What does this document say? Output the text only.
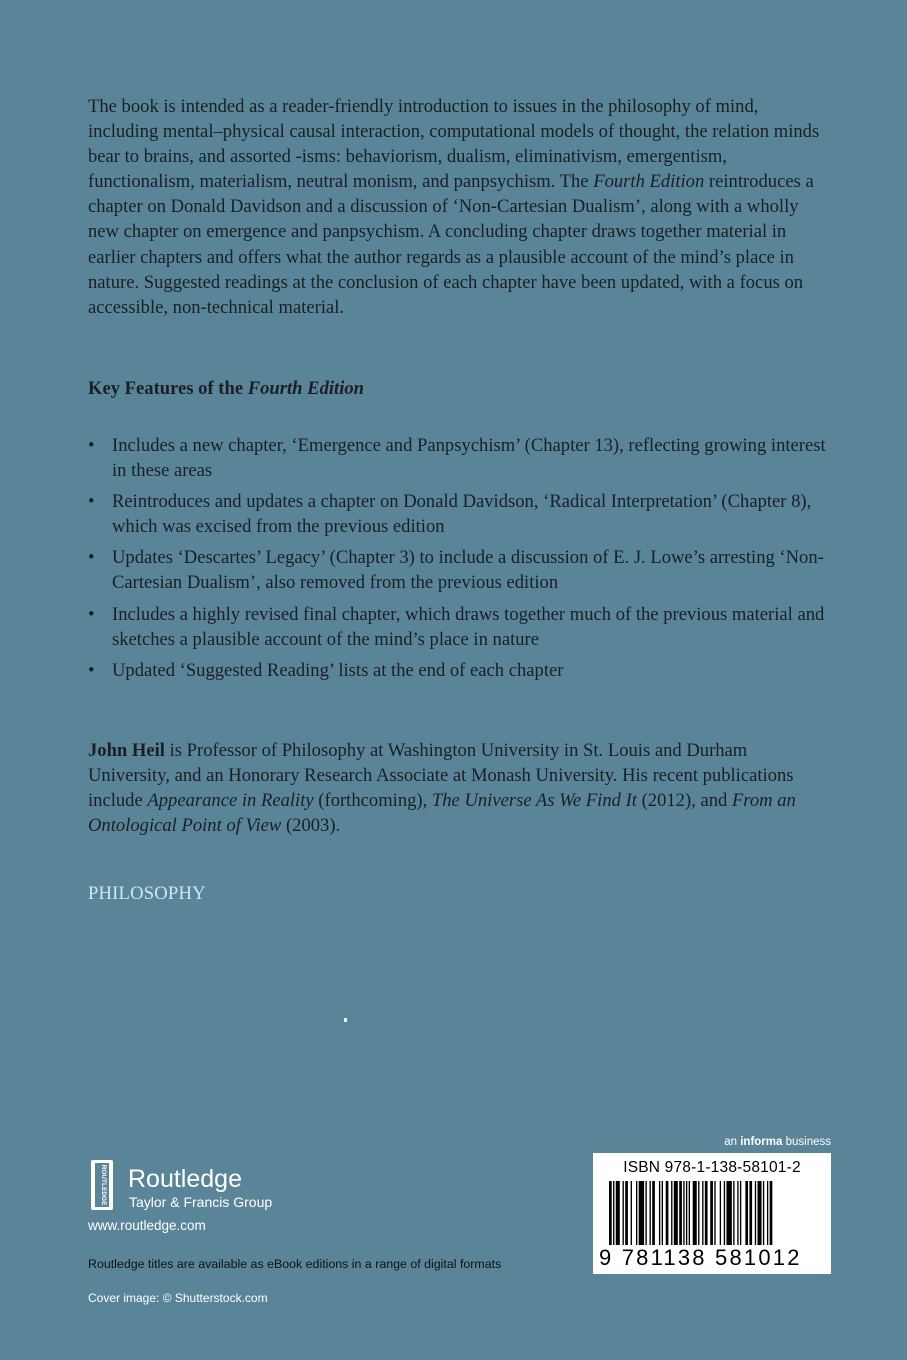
The book is intended as a reader-friendly introduction to issues in the philosophy of mind, including mental–physical causal interaction, computational models of thought, the relation minds bear to brains, and assorted -isms: behaviorism, dualism, eliminativism, emergentism, functionalism, materialism, neutral monism, and panpsychism. The Fourth Edition reintroduces a chapter on Donald Davidson and a discussion of ‘Non-Cartesian Dualism’, along with a wholly new chapter on emergence and panpsychism. A concluding chapter draws together material in earlier chapters and offers what the author regards as a plausible account of the mind’s place in nature. Suggested readings at the conclusion of each chapter have been updated, with a focus on accessible, non-technical material.

Key Features of the Fourth Edition
• Includes a new chapter, ‘Emergence and Panpsychism’ (Chapter 13), reflecting growing interest in these areas
• Reintroduces and updates a chapter on Donald Davidson, ‘Radical Interpretation’ (Chapter 8), which was excised from the previous edition
• Updates ‘Descartes’ Legacy’ (Chapter 3) to include a discussion of E. J. Lowe’s arresting ‘Non-Cartesian Dualism’, also removed from the previous edition
• Includes a highly revised final chapter, which draws together much of the previous material and sketches a plausible account of the mind’s place in nature
• Updated ‘Suggested Reading’ lists at the end of each chapter

John Heil is Professor of Philosophy at Washington University in St. Louis and Durham University, and an Honorary Research Associate at Monash University. His recent publications include Appearance in Reality (forthcoming), The Universe As We Find It (2012), and From an Ontological Point of View (2003).

PHILOSOPHY
ROUTLEDGE Routledge
Taylor & Francis Group
www.routledge.com
Routledge titles are available as eBook editions in a range of digital formats
Cover image: © Shutterstock.com
an informa business
ISBN 978-1-138-58101-2
9 781138 581012
